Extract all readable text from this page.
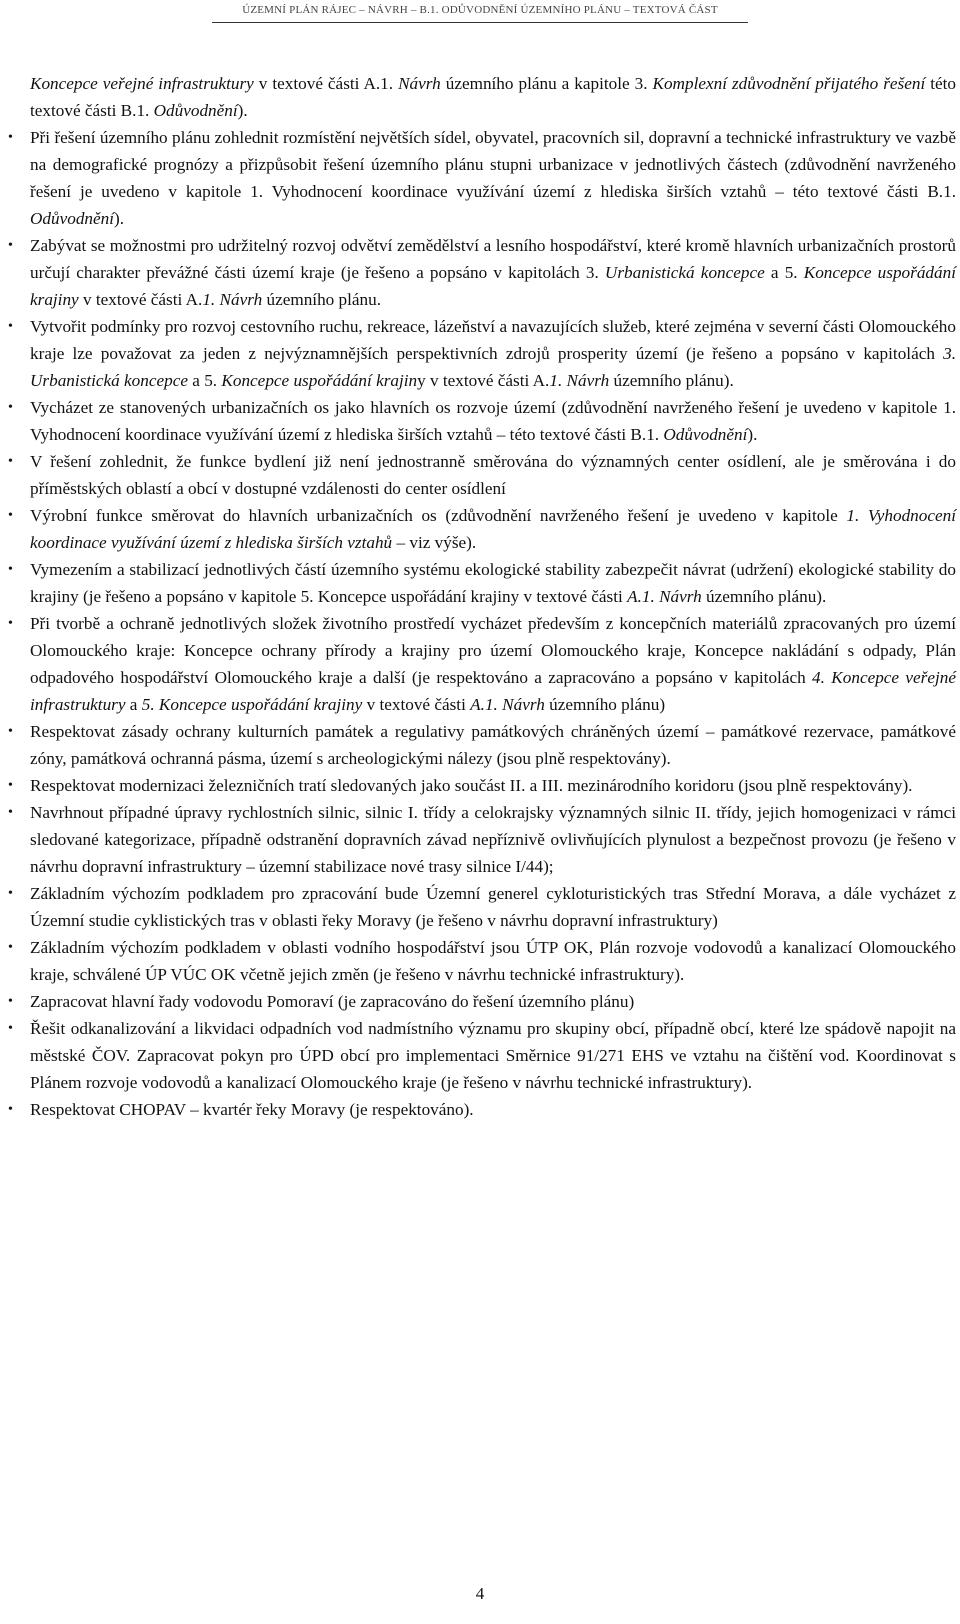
ÚZEMNÍ PLÁN RÁJEC – NÁVRH – B.1. ODŮVODNĚNÍ ÚZEMNÍHO PLÁNU – TEXTOVÁ ČÁST

Koncepce veřejné infrastruktury v textové části A.1. Návrh územního plánu a kapitole 3. Komplexní zdůvodnění přijatého řešení této textové části B.1. Odůvodnění).

• Při řešení územního plánu zohlednit rozmístění největších sídel, obyvatel, pracovních sil, dopravní a technické infrastruktury ve vazbě na demografické prognózy a přizpůsobit řešení územního plánu stupni urbanizace v jednotlivých částech (zdůvodnění navrženého řešení je uvedeno v kapitole 1. Vyhodnocení koordinace využívání území z hlediska širších vztahů – této textové části B.1. Odůvodnění).
• Zabývat se možnostmi pro udržitelný rozvoj odvětví zemědělství a lesního hospodářství, které kromě hlavních urbanizačních prostorů určují charakter převážné části území kraje (je řešeno a popsáno v kapitolách 3. Urbanistická koncepce a 5. Koncepce uspořádání krajiny v textové části A.1. Návrh územního plánu.
• Vytvořit podmínky pro rozvoj cestovního ruchu, rekreace, lázeňství a navazujících služeb, které zejména v severní části Olomouckého kraje lze považovat za jeden z nejvýznamnějších perspektivních zdrojů prosperity území (je řešeno a popsáno v kapitolách 3. Urbanistická koncepce a 5. Koncepce uspořádání krajiny v textové části A.1. Návrh územního plánu).
• Vycházet ze stanovených urbanizačních os jako hlavních os rozvoje území (zdůvodnění navrženého řešení je uvedeno v kapitole 1. Vyhodnocení koordinace využívání území z hlediska širších vztahů – této textové části B.1. Odůvodnění).
• V řešení zohlednit, že funkce bydlení již není jednostranně směrována do významných center osídlení, ale je směrována i do příměstských oblastí a obcí v dostupné vzdálenosti do center osídlení
• Výrobní funkce směrovat do hlavních urbanizačních os (zdůvodnění navrženého řešení je uvedeno v kapitole 1. Vyhodnocení koordinace využívání území z hlediska širších vztahů – viz výše).
• Vymezením a stabilizací jednotlivých částí územního systému ekologické stability zabezpečit návrat (udržení) ekologické stability do krajiny (je řešeno a popsáno v kapitole 5. Koncepce uspořádání krajiny v textové části A.1. Návrh územního plánu).
• Při tvorbě a ochraně jednotlivých složek životního prostředí vycházet především z koncepčních materiálů zpracovaných pro území Olomouckého kraje: Koncepce ochrany přírody a krajiny pro území Olomouckého kraje, Koncepce nakládání s odpady, Plán odpadového hospodářství Olomouckého kraje a další (je respektováno a zapracováno a popsáno v kapitolách 4. Koncepce veřejné infrastruktury a 5. Koncepce uspořádání krajiny v textové části A.1. Návrh územního plánu)
• Respektovat zásady ochrany kulturních památek a regulativy památkových chráněných území – památkové rezervace, památkové zóny, památková ochranná pásma, území s archeologickými nálezy (jsou plně respektovány).
• Respektovat modernizaci železničních tratí sledovaných jako součást II. a III. mezinárodního koridoru (jsou plně respektovány).
• Navrhnout případné úpravy rychlostních silnic, silnic I. třídy a celokrajsky významných silnic II. třídy, jejich homogenizaci v rámci sledované kategorizace, případně odstranění dopravních závad nepříznivě ovlivňujících plynulost a bezpečnost provozu (je řešeno v návrhu dopravní infrastruktury – územní stabilizace nové trasy silnice I/44);
• Základním výchozím podkladem pro zpracování bude Územní generel cykloturistických tras Střední Morava, a dále vycházet z Územní studie cyklistických tras v oblasti řeky Moravy (je řešeno v návrhu dopravní infrastruktury)
• Základním výchozím podkladem v oblasti vodního hospodářství jsou ÚTP OK, Plán rozvoje vodovodů a kanalizací Olomouckého kraje, schválené ÚP VÚC OK včetně jejich změn (je řešeno v návrhu technické infrastruktury).
• Zapracovat hlavní řady vodovodu Pomoraví (je zapracováno do řešení územního plánu)
• Řešit odkanalizování a likvidaci odpadních vod nadmístního významu pro skupiny obcí, případně obcí, které lze spádově napojit na městské ČOV. Zapracovat pokyn pro ÚPD obcí pro implementaci Směrnice 91/271 EHS ve vztahu na čištění vod. Koordinovat s Plánem rozvoje vodovodů a kanalizací Olomouckého kraje (je řešeno v návrhu technické infrastruktury).
• Respektovat CHOPAV – kvartér řeky Moravy (je respektováno).
4
